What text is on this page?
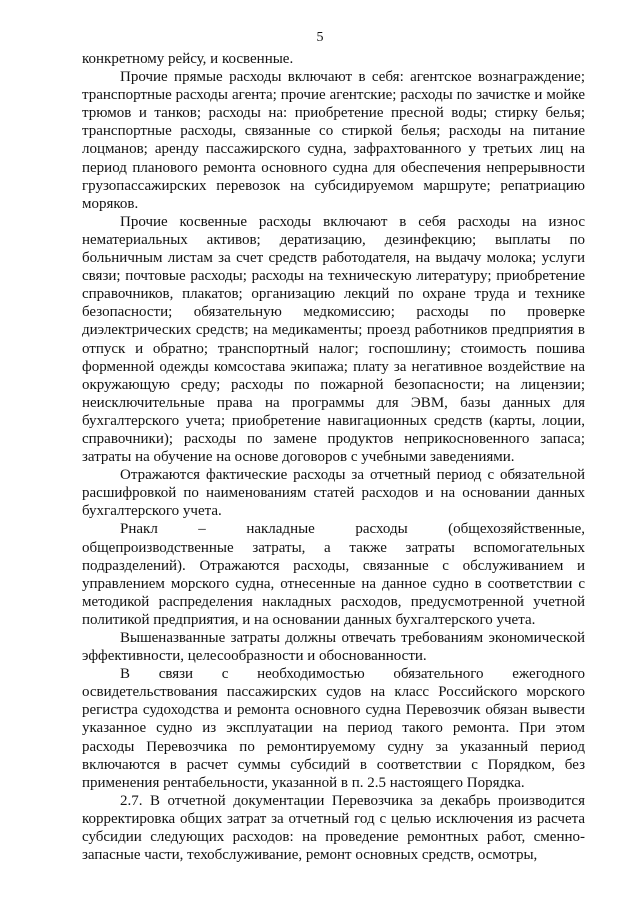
5

конкретному рейсу, и косвенные.

Прочие прямые расходы включают в себя: агентское вознаграждение; транспортные расходы агента; прочие агентские; расходы по зачистке и мойке трюмов и танков; расходы на: приобретение пресной воды; стирку белья; транспортные расходы, связанные со стиркой белья; расходы на питание лоцманов; аренду пассажирского судна, зафрахтованного у третьих лиц на период планового ремонта основного судна для обеспечения непрерывности грузопассажирских перевозок на субсидируемом маршруте; репатриацию моряков.

Прочие косвенные расходы включают в себя расходы на износ нематериальных активов; дератизацию, дезинфекцию; выплаты по больничным листам за счет средств работодателя, на выдачу молока; услуги связи; почтовые расходы; расходы на техническую литературу; приобретение справочников, плакатов; организацию лекций по охране труда и технике безопасности; обязательную медкомиссию; расходы по проверке диэлектрических средств; на медикаменты; проезд работников предприятия в отпуск и обратно; транспортный налог; госпошлину; стоимость пошива форменной одежды комсостава экипажа; плату за негативное воздействие на окружающую среду; расходы по пожарной безопасности; на лицензии; неисключительные права на программы для ЭВМ, базы данных для бухгалтерского учета; приобретение навигационных средств (карты, лоции, справочники); расходы по замене продуктов неприкосновенного запаса; затраты на обучение на основе договоров с учебными заведениями.

Отражаются фактические расходы за отчетный период с обязательной расшифровкой по наименованиям статей расходов и на основании данных бухгалтерского учета.

Рнакл – накладные расходы (общехозяйственные, общепроизводственные затраты, а также затраты вспомогательных подразделений). Отражаются расходы, связанные с обслуживанием и управлением морского судна, отнесенные на данное судно в соответствии с методикой распределения накладных расходов, предусмотренной учетной политикой предприятия, и на основании данных бухгалтерского учета.

Вышеназванные затраты должны отвечать требованиям экономической эффективности, целесообразности и обоснованности.

В связи с необходимостью обязательного ежегодного освидетельствования пассажирских судов на класс Российского морского регистра судоходства и ремонта основного судна Перевозчик обязан вывести указанное судно из эксплуатации на период такого ремонта. При этом расходы Перевозчика по ремонтируемому судну за указанный период включаются в расчет суммы субсидий в соответствии с Порядком, без применения рентабельности, указанной в п. 2.5 настоящего Порядка.

2.7. В отчетной документации Перевозчика за декабрь производится корректировка общих затрат за отчетный год с целью исключения из расчета субсидии следующих расходов: на проведение ремонтных работ, сменно-запасные части, техобслуживание, ремонт основных средств, осмотры,
